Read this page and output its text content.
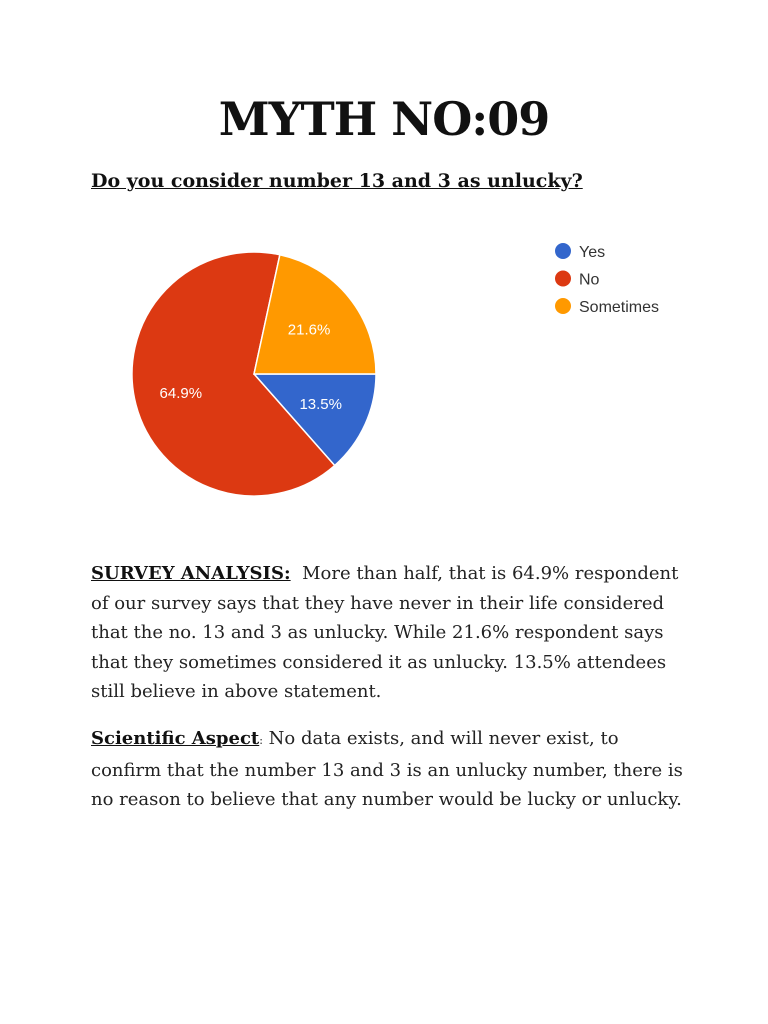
MYTH NO:09

Do you consider number 13 and 3 as unlucky?

13.5%
64.9%
21.6%
Yes
No
Sometimes

SURVEY ANALYSIS: More than half, that is 64.9% respondent of our survey says that they have never in their life considered that the no. 13 and 3 as unlucky. While 21.6% respondent says that they sometimes considered it as unlucky. 13.5% attendees still believe in above statement.

Scientific Aspect: No data exists, and will never exist, to confirm that the number 13 and 3 is an unlucky number, there is no reason to believe that any number would be lucky or unlucky.
